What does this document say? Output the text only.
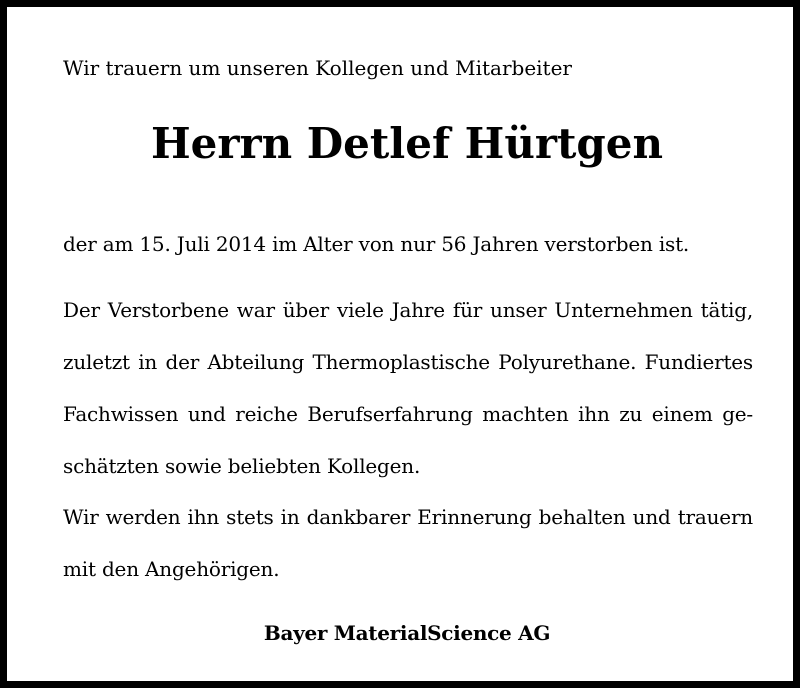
Wir trauern um unseren Kollegen und Mitarbeiter

Herrn Detlef Hürtgen

der am 15. Juli 2014 im Alter von nur 56 Jahren verstorben ist.

Der Verstorbene war über viele Jahre für unser Unternehmen tätig, zuletzt in der Abteilung Thermoplastische Polyurethane. Fundiertes Fachwissen und reiche Berufserfahrung machten ihn zu einem ge-schätzten sowie beliebten Kollegen.

Wir werden ihn stets in dankbarer Erinnerung behalten und trauern mit den Angehörigen.

Bayer MaterialScience AG
